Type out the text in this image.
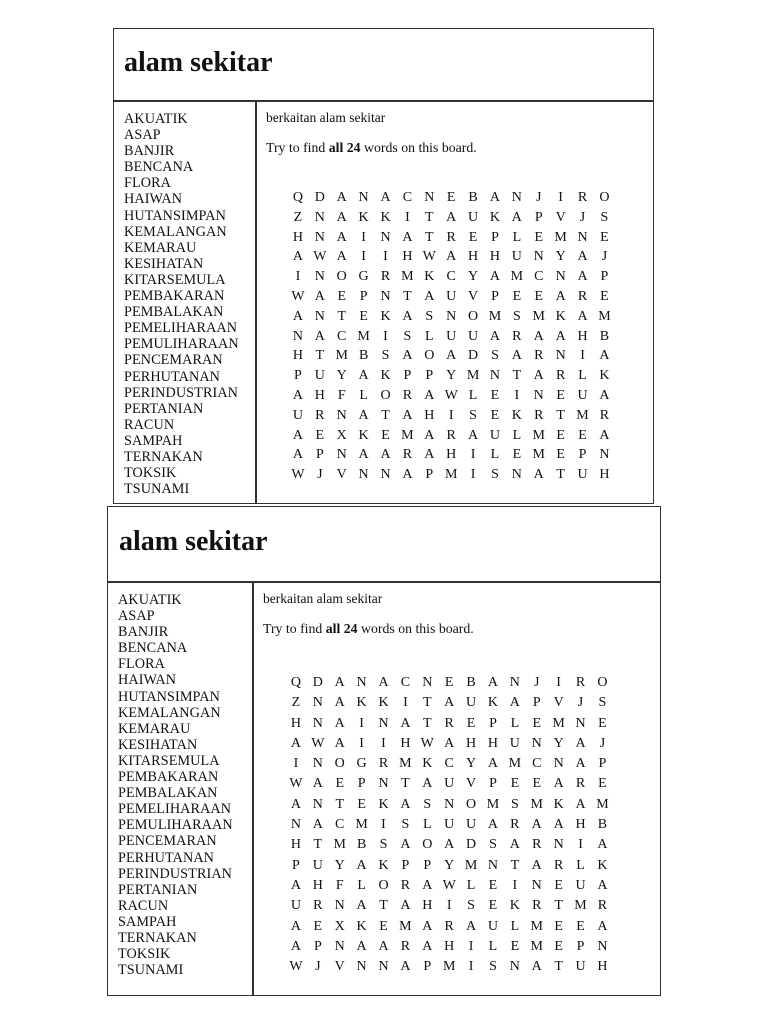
alam sekitar
AKUATIK
ASAP
BANJIR
BENCANA
FLORA
HAIWAN
HUTANSIMPAN
KEMALANGAN
KEMARAU
KESIHATAN
KITARSEMULA
PEMBAKARAN
PEMBALAKAN
PEMELIHARAAN
PEMULIHARAAN
PENCEMARAN
PERHUTANAN
PERINDUSTRIAN
PERTANIAN
RACUN
SAMPAH
TERNAKAN
TOKSIK
TSUNAMI

berkaitan alam sekitar

Try to find all 24 words on this board.

Q D A N A C N E B A N	J	I	R O
Z N A K K	I	T A U K A P V	J	S
H N A	I	N A T R E P L E M N E
A W A	I	I	H W A H H U N Y A	J
I	N O G R M K C Y A M C N A P
W A E P N T A U V P E E A R E
A N T E K A S N O M S M K A M
N A C M I	S L U U A R A A H B
H T M B S A O A D S A R N	I	A
P U Y A K P	P Y M N T A R L K
A H F L O R A W L E	I	N E U A
U R N A T A H	I	S E K R T M R
A E X K E M A R A U L M E E A
A P N A A R A H	I	L E M E P N
W J	V N N A P M I	S N A T U H
alam sekitar
AKUATIK
ASAP
BANJIR
BENCANA
FLORA
HAIWAN
HUTANSIMPAN
KEMALANGAN
KEMARAU
KESIHATAN
KITARSEMULA
PEMBAKARAN
PEMBALAKAN
PEMELIHARAAN
PEMULIHARAAN
PENCEMARAN
PERHUTANAN
PERINDUSTRIAN
PERTANIAN
RACUN
SAMPAH
TERNAKAN
TOKSIK
TSUNAMI

berkaitan alam sekitar

Try to find all 24 words on this board.

Q D A N A C N E B A N	J	I	R O
Z N A K K	I	T A U K A P V	J	S
H N A	I	N A T R E P L E M N E
A W A	I	I	H W A H H U N Y A	J
I	N O G R M K C Y A M C N A P
W A E P N T A U V P E E A R E
A N T E K A S N O M S M K A M
N A C M I	S L U U A R A A H B
H T M B S A O A D S A R N	I	A
P U Y A K P	P Y M N T A R L K
A H F L O R A W L E	I	N E U A
U R N A T A H	I	S E K R T M R
A E X K E M A R A U L M E E A
A P N A A R A H	I	L E M E P N
W J	V N N A P M I	S N A T U H
